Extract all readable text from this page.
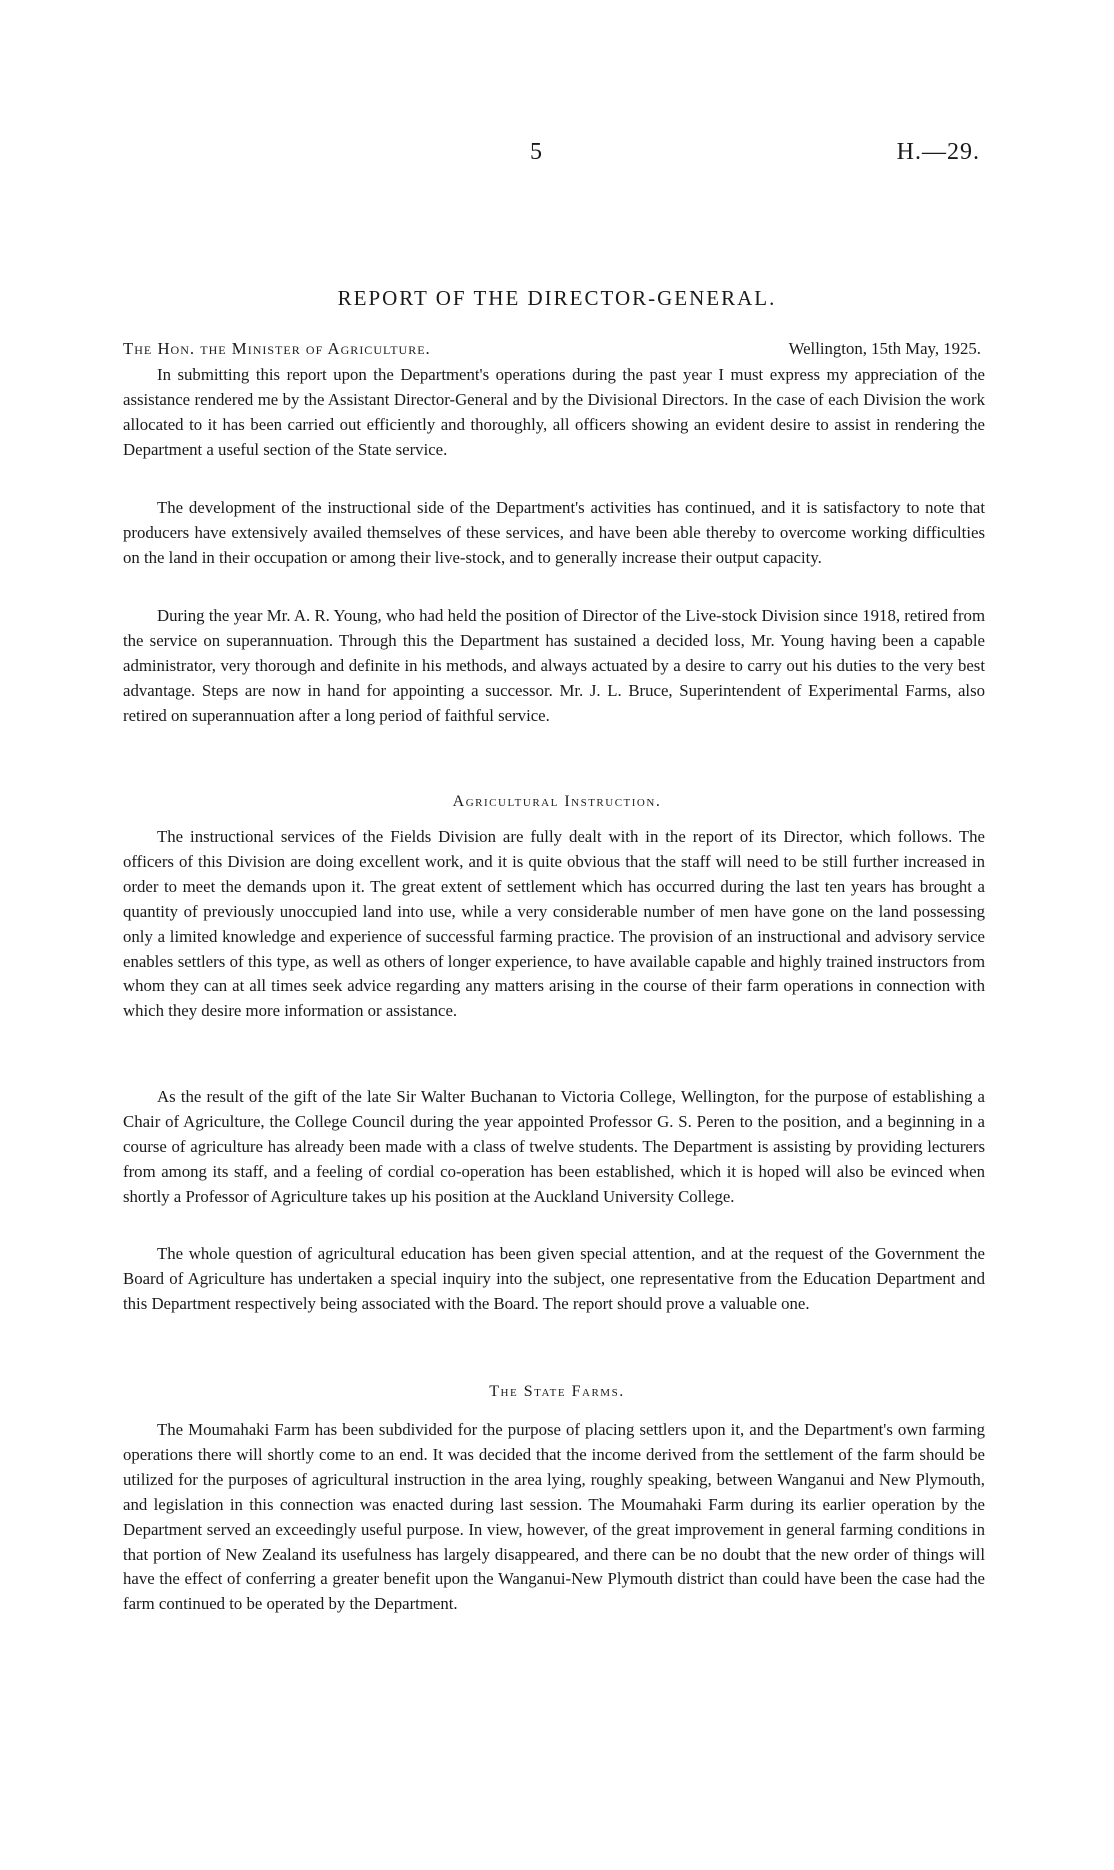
5	H.—29.
REPORT OF THE DIRECTOR-GENERAL.
The Hon. the Minister of Agriculture.	Wellington, 15th May, 1925.

In submitting this report upon the Department's operations during the past year I must express my appreciation of the assistance rendered me by the Assistant Director-General and by the Divisional Directors. In the case of each Division the work allocated to it has been carried out efficiently and thoroughly, all officers showing an evident desire to assist in rendering the Department a useful section of the State service.

The development of the instructional side of the Department's activities has continued, and it is satisfactory to note that producers have extensively availed themselves of these services, and have been able thereby to overcome working difficulties on the land in their occupation or among their live-stock, and to generally increase their output capacity.

During the year Mr. A. R. Young, who had held the position of Director of the Live-stock Division since 1918, retired from the service on superannuation. Through this the Department has sustained a decided loss, Mr. Young having been a capable administrator, very thorough and definite in his methods, and always actuated by a desire to carry out his duties to the very best advantage. Steps are now in hand for appointing a successor. Mr. J. L. Bruce, Superintendent of Experimental Farms, also retired on superannuation after a long period of faithful service.

Agricultural Instruction.

The instructional services of the Fields Division are fully dealt with in the report of its Director, which follows. The officers of this Division are doing excellent work, and it is quite obvious that the staff will need to be still further increased in order to meet the demands upon it. The great extent of settlement which has occurred during the last ten years has brought a quantity of previously unoccupied land into use, while a very considerable number of men have gone on the land possessing only a limited knowledge and experience of successful farming practice. The provision of an instructional and advisory service enables settlers of this type, as well as others of longer experience, to have available capable and highly trained instructors from whom they can at all times seek advice regarding any matters arising in the course of their farm operations in connection with which they desire more information or assistance.

As the result of the gift of the late Sir Walter Buchanan to Victoria College, Wellington, for the purpose of establishing a Chair of Agriculture, the College Council during the year appointed Professor G. S. Peren to the position, and a beginning in a course of agriculture has already been made with a class of twelve students. The Department is assisting by providing lecturers from among its staff, and a feeling of cordial co-operation has been established, which it is hoped will also be evinced when shortly a Professor of Agriculture takes up his position at the Auckland University College.

The whole question of agricultural education has been given special attention, and at the request of the Government the Board of Agriculture has undertaken a special inquiry into the subject, one representative from the Education Department and this Department respectively being associated with the Board. The report should prove a valuable one.

The State Farms.

The Moumahaki Farm has been subdivided for the purpose of placing settlers upon it, and the Department's own farming operations there will shortly come to an end. It was decided that the income derived from the settlement of the farm should be utilized for the purposes of agricultural instruction in the area lying, roughly speaking, between Wanganui and New Plymouth, and legislation in this connection was enacted during last session. The Moumahaki Farm during its earlier operation by the Department served an exceedingly useful purpose. In view, however, of the great improvement in general farming conditions in that portion of New Zealand its usefulness has largely disappeared, and there can be no doubt that the new order of things will have the effect of conferring a greater benefit upon the Wanganui-New Plymouth district than could have been the case had the farm continued to be operated by the Department.
